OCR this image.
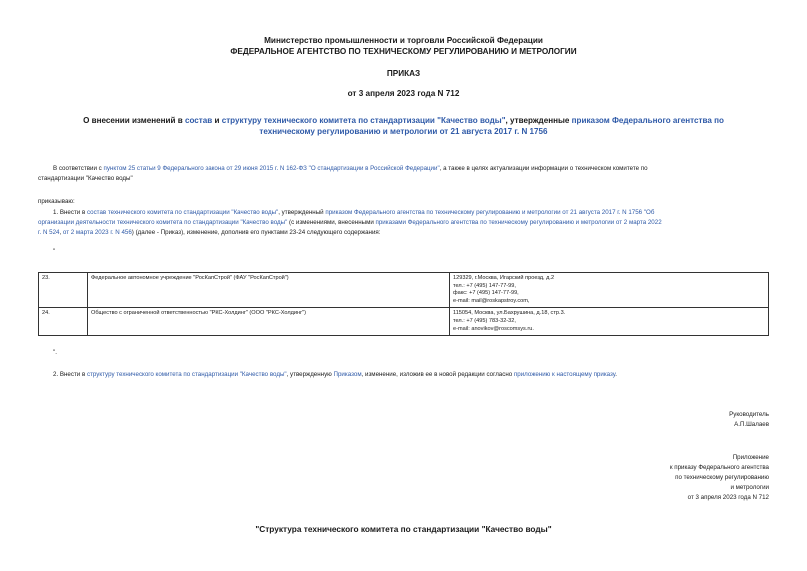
Министерство промышленности и торговли Российской Федерации
ФЕДЕРАЛЬНОЕ АГЕНТСТВО ПО ТЕХНИЧЕСКОМУ РЕГУЛИРОВАНИЮ И МЕТРОЛОГИИ
ПРИКАЗ
от 3 апреля 2023 года N 712
О внесении изменений в состав и структуру технического комитета по стандартизации "Качество воды", утвержденные приказом Федерального агентства по
техническому регулированию и метрологии от 21 августа 2017 г. N 1756
В соответствии с пунктом 25 статьи 9 Федерального закона от 29 июня 2015 г. N 162-ФЗ "О стандартизации в Российской Федерации", а также в целях актуализации информации о техническом комитете по
стандартизации "Качество воды"
приказываю:
1. Внести в состав технического комитета по стандартизации "Качество воды", утвержденный приказом Федерального агентства по техническому регулированию и метрологии от 21 августа 2017 г. N 1756 "Об
организации деятельности технического комитета по стандартизации "Качество воды" (с изменениями, внесенными приказами Федерального агентства по техническому регулированию и метрологии от 2 марта 2022
г. N 524, от 2 марта 2023 г. N 456) (далее - Приказ), изменение, дополнив его пунктами 23-24 следующего содержания:
"
23.	Федеральное автономное учреждение "РосКапСтрой" (ФАУ "РосКапСтрой")	129329, г.Москва, Игарский проезд, д.2
тел.: +7 (495) 147-77-99,
факс: +7 (495) 147-77-99,
e-mail: mail@roskapstroy.com,

24.	Общество с ограниченной ответственностью "РКС-Холдинг" (ООО "РКС-Холдинг")	115054, Москва, ул.Бахрушина, д.18, стр.3.
тел.: +7 (495) 783-32-32,
e-mail: anovikov@roscomsys.ru.
".
2. Внести в структуру технического комитета по стандартизации "Качество воды", утвержденную Приказом, изменение, изложив ее в новой редакции согласно приложению к настоящему приказу.
Руководитель
А.П.Шалаев
Приложение
к приказу Федерального агентства
по техническому регулированию
и метрологии
от 3 апреля 2023 года N 712
"Структура технического комитета по стандартизации "Качество воды"
